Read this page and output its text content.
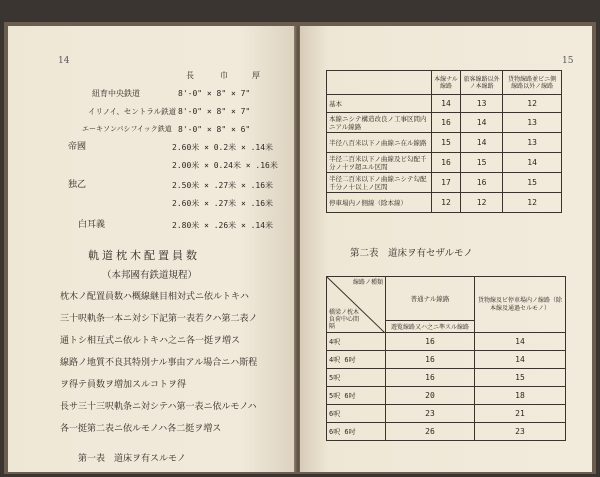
14
長	巾	厚
紐育中央鉄道	8'-0" × 8" × 7"
イリノイ、セントラル鉄道 8'-0" × 8" × 7"
エーキソンパシフイック鉄道 8'-0" × 8" × 6"
帝國	2.60米 × 0.2米 × .14米
2.00米 × 0.24米 × .16米
独乙	2.50米 × .27米 × .16米
2.60米 × .27米 × .16米
白耳義	2.80米 × .26米 × .14米
軌道枕木配置員数
（本邦國有鉄道規程）
枕木ノ配置員数ハ概線継目相対式ニ依ルトキハ
三十呎軌条一本ニ対シ下記第一表若クハ第二表ノ
通トシ相互式ニ依ルトキハ之ニ各一挺ヲ増ス
線路ノ地質不良其特別ナル事由アル場合ニハ斯程
ヲ得テ員数ヲ増加スルコトヲ得
長サ三十三呎軌条ニ対シテハ第一表ニ依ルモノハ
各一挺第二表ニ依ルモノハ各二挺ヲ増ス
第一表　道床ヲ有スルモノ
15
	本線ナル線路	旅客線路以外ノ本線路	貨物線路並ビニ側線路以外ノ線路
基本	14	13	12
本線ニシテ構造改良ノ工事区間内ニアル線路	16	14	13
半径八百米以下ノ曲線ニ在ル線路	15	14	13
半径二百米以下ノ曲線及ビ勾配千分ノ十ヲ超ユル区間	16	15	14
半径二百米以下ノ曲線ニシテ勾配千分ノ十以上ノ区間	17	16	15
停車場内ノ側線（除本線）	12	12	12
第二表　道床ヲ有セザルモノ
線路ノ種類
橋梁ノ枕木負荷中心間隔	普通ナル線路	貨物線及ビ停車場内ノ線路（除本線及通過セルモノ）
	遊覧線路又ハ之ニ準スル線路	
4呎	16	14
4呎 6吋	16	14
5呎	16	15
5呎 6吋	20	18
6呎	23	21
6呎 6吋	26	23
